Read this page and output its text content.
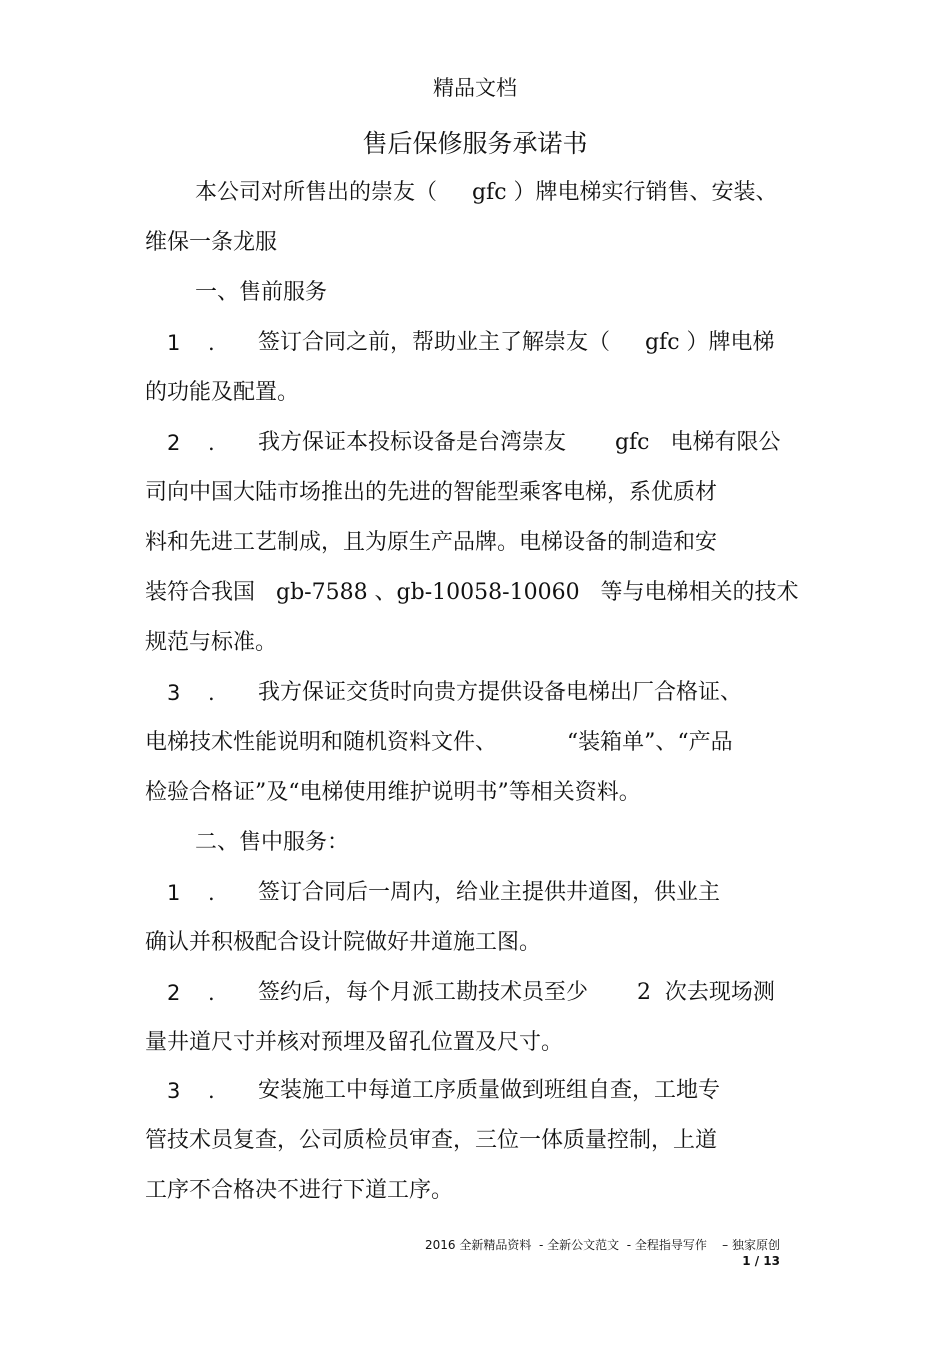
精品文档
售后保修服务承诺书
本公司对所售出的崇友（     gfc ）牌电梯实行销售、安装、
维保一条龙服
一、售前服务
1 . 签订合同之前，帮助业主了解崇友（     gfc ）牌电梯
的功能及配置。
2 . 我方保证本投标设备是台湾崇友       gfc   电梯有限公
司向中国大陆市场推出的先进的智能型乘客电梯，系优质材
料和先进工艺制成，且为原生产品牌。电梯设备的制造和安
装符合我国   gb-7588 、gb-10058-10060   等与电梯相关的技术
规范与标准。
3 . 我方保证交货时向贵方提供设备电梯出厂合格证、
电梯技术性能说明和随机资料文件、          “装箱单”、“产品
检验合格证”及“电梯使用维护说明书”等相关资料。
二、售中服务：
1 . 签订合同后一周内，给业主提供井道图，供业主
确认并积极配合设计院做好井道施工图。
2 . 签约后，每个月派工勘技术员至少       2  次去现场测
量井道尺寸并核对预埋及留孔位置及尺寸。
3 . 安装施工中每道工序质量做到班组自查，工地专
管技术员复查，公司质检员审查，三位一体质量控制，上道
工序不合格决不进行下道工序。
2016 全新精品资料  - 全新公文范文  - 全程指导写作    – 独家原创
1 / 13
